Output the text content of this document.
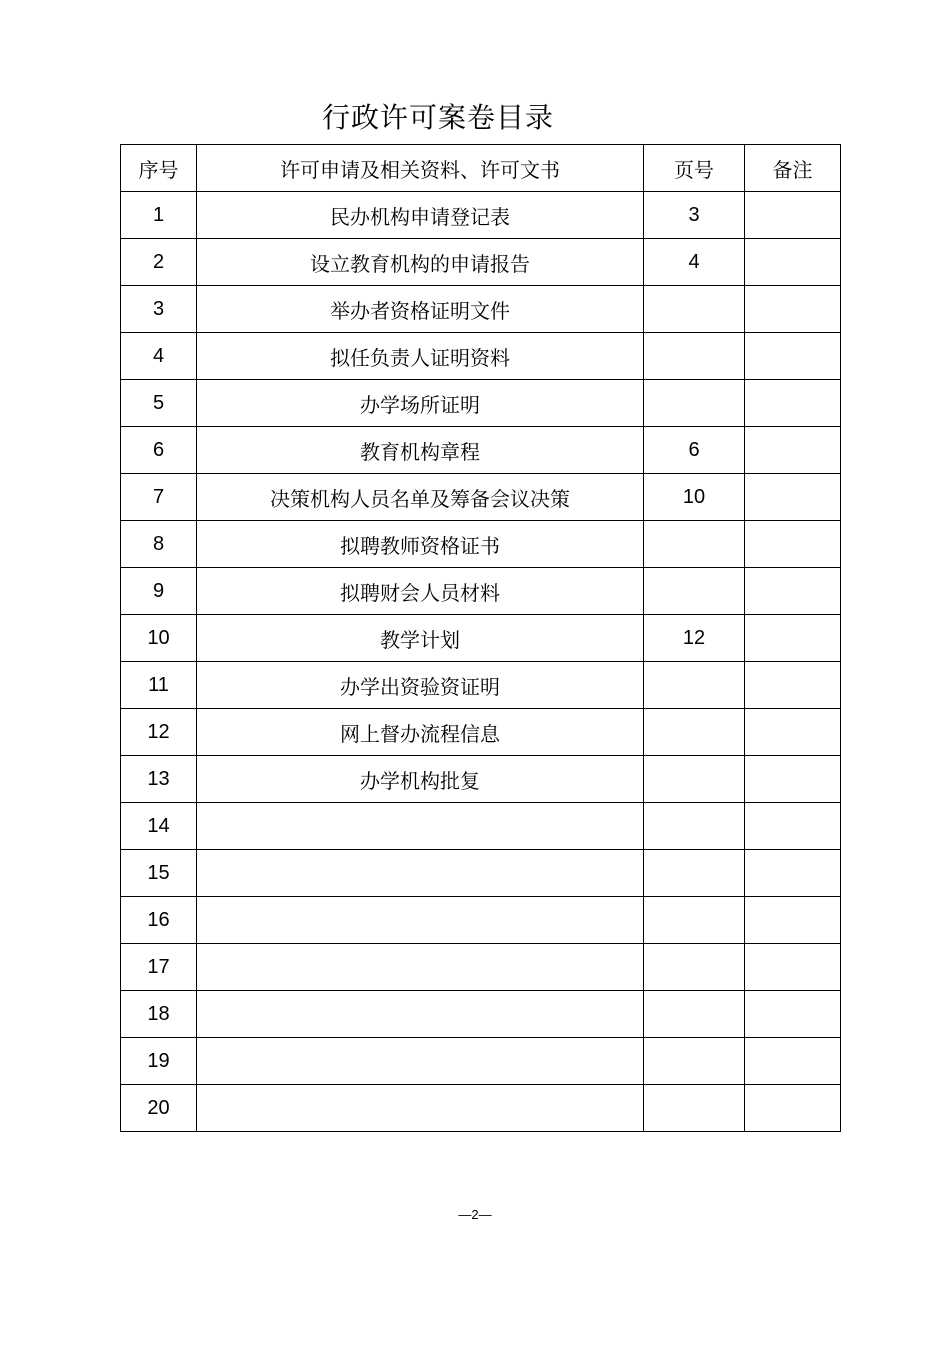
行政许可案卷目录
序号	许可申请及相关资料、许可文书	页号	备注
1	民办机构申请登记表	3	
2	设立教育机构的申请报告	4	
3	举办者资格证明文件		
4	拟任负责人证明资料		
5	办学场所证明		
6	教育机构章程	6	
7	决策机构人员名单及筹备会议决策	10	
8	拟聘教师资格证书		
9	拟聘财会人员材料		
10	教学计划	12	
11	办学出资验资证明		
12	网上督办流程信息		
13	办学机构批复		
14			
15			
16			
17			
18			
19			
20			
—2—
